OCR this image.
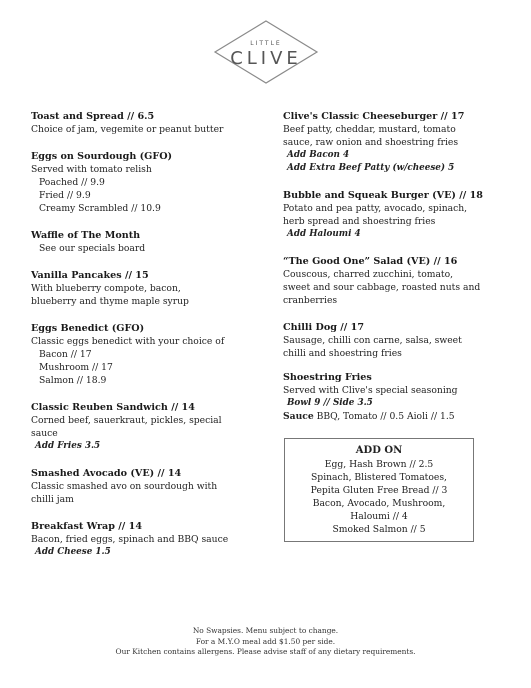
LITTLE
CLIVE
Toast and Spread // 6.5
Choice of jam, vegemite or peanut butter
Eggs on Sourdough (GFO)
Served with tomato relish
Poached // 9.9
Fried // 9.9
Creamy Scrambled // 10.9
Waffle of The Month
See our specials board
Vanilla Pancakes // 15
With blueberry compote, bacon,
blueberry and thyme maple syrup
Eggs Benedict (GFO)
Classic eggs benedict with your choice of
Bacon // 17
Mushroom // 17
Salmon // 18.9
Classic Reuben Sandwich // 14
Corned beef, sauerkraut, pickles, special
sauce
Add Fries 3.5
Smashed Avocado (VE) // 14
Classic smashed avo on sourdough with
chilli jam
Breakfast Wrap // 14
Bacon, fried eggs, spinach and BBQ sauce
Add Cheese 1.5
Clive's Classic Cheeseburger // 17
Beef patty, cheddar, mustard, tomato
sauce, raw onion and shoestring fries
Add Bacon 4
Add Extra Beef Patty (w/cheese) 5
Bubble and Squeak Burger (VE) // 18
Potato and pea patty, avocado, spinach,
herb spread and shoestring fries
Add Haloumi 4
“The Good One” Salad (VE) // 16
Couscous, charred zucchini, tomato,
sweet and sour cabbage, roasted nuts and
cranberries
Chilli Dog // 17
Sausage, chilli con carne, salsa, sweet
chilli and shoestring fries
Shoestring Fries
Served with Clive's special seasoning
Bowl 9 // Side 3.5
Sauce BBQ, Tomato // 0.5 Aioli // 1.5
ADD ON
Egg, Hash Brown // 2.5
Spinach, Blistered Tomatoes,
Pepita Gluten Free Bread // 3
Bacon, Avocado, Mushroom,
Haloumi // 4
Smoked Salmon // 5
No Swapsies. Menu subject to change.
For a M.Y.O meal add $1.50 per side.
Our Kitchen contains allergens. Please advise staff of any dietary requirements.
